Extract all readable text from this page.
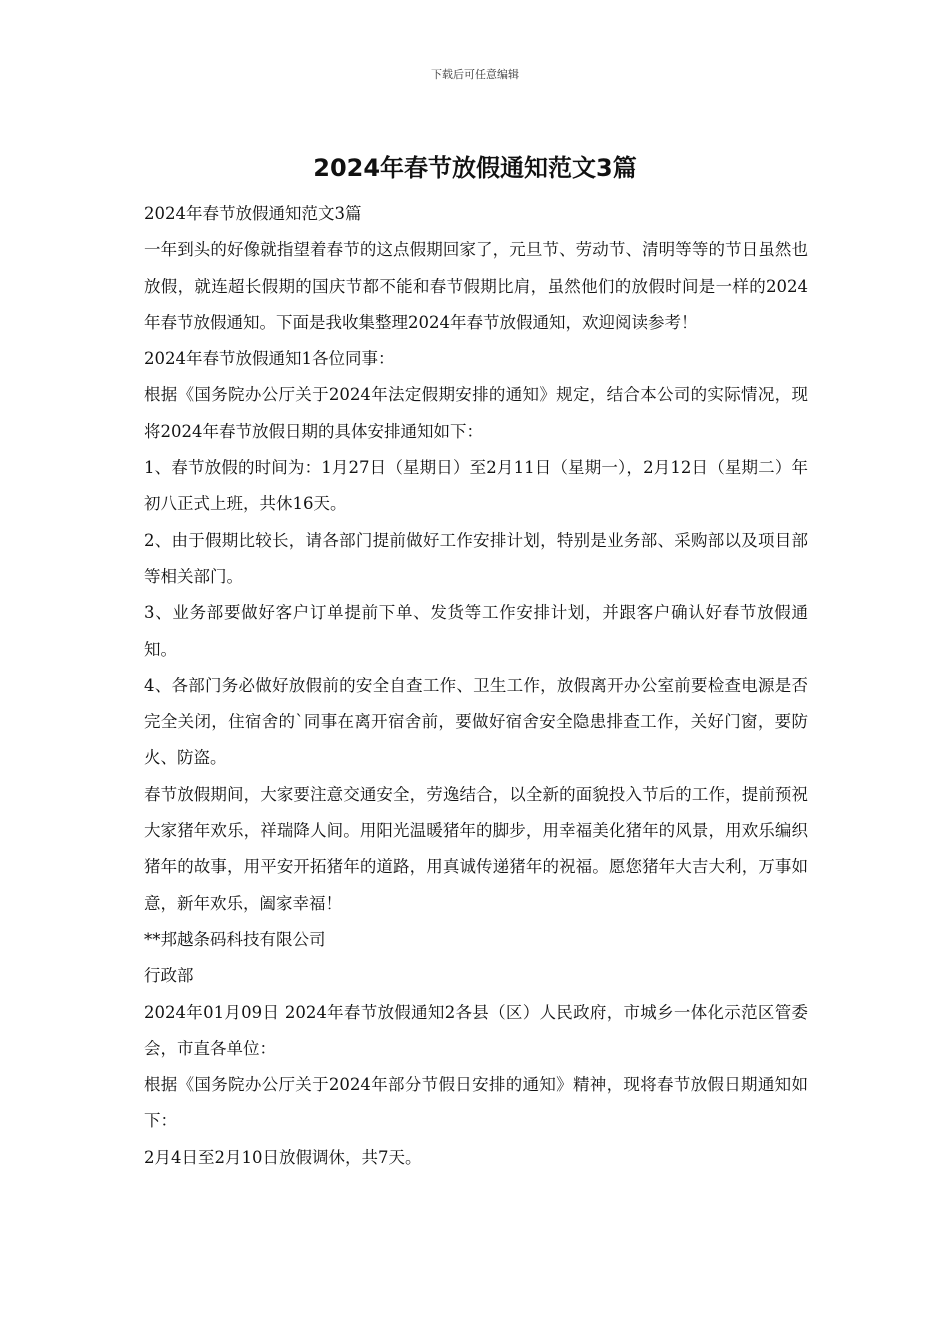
下载后可任意编辑
2024年春节放假通知范文3篇

2024年春节放假通知范文3篇

一年到头的好像就指望着春节的这点假期回家了，元旦节、劳动节、清明等等的节日虽然也放假，就连超长假期的国庆节都不能和春节假期比肩，虽然他们的放假时间是一样的2024年春节放假通知。下面是我收集整理2024年春节放假通知，欢迎阅读参考！

2024年春节放假通知1各位同事：

根据《国务院办公厅关于2024年法定假期安排的通知》规定，结合本公司的实际情况，现将2024年春节放假日期的具体安排通知如下：

1、春节放假的时间为：1月27日（星期日）至2月11日（星期一），2月12日（星期二）年初八正式上班，共休16天。

2、由于假期比较长，请各部门提前做好工作安排计划，特别是业务部、采购部以及项目部等相关部门。

3、业务部要做好客户订单提前下单、发货等工作安排计划，并跟客户确认好春节放假通知。

4、各部门务必做好放假前的安全自查工作、卫生工作，放假离开办公室前要检查电源是否完全关闭，住宿舍的`同事在离开宿舍前，要做好宿舍安全隐患排查工作，关好门窗，要防火、防盗。

春节放假期间，大家要注意交通安全，劳逸结合，以全新的面貌投入节后的工作，提前预祝大家猪年欢乐，祥瑞降人间。用阳光温暖猪年的脚步，用幸福美化猪年的风景，用欢乐编织猪年的故事，用平安开拓猪年的道路，用真诚传递猪年的祝福。愿您猪年大吉大利，万事如意，新年欢乐，阖家幸福！

**邦越条码科技有限公司

行政部

2024年01月09日 2024年春节放假通知2各县（区）人民政府，市城乡一体化示范区管委会，市直各单位：

根据《国务院办公厅关于2024年部分节假日安排的通知》精神，现将春节放假日期通知如下：

2月4日至2月10日放假调休，共7天。
